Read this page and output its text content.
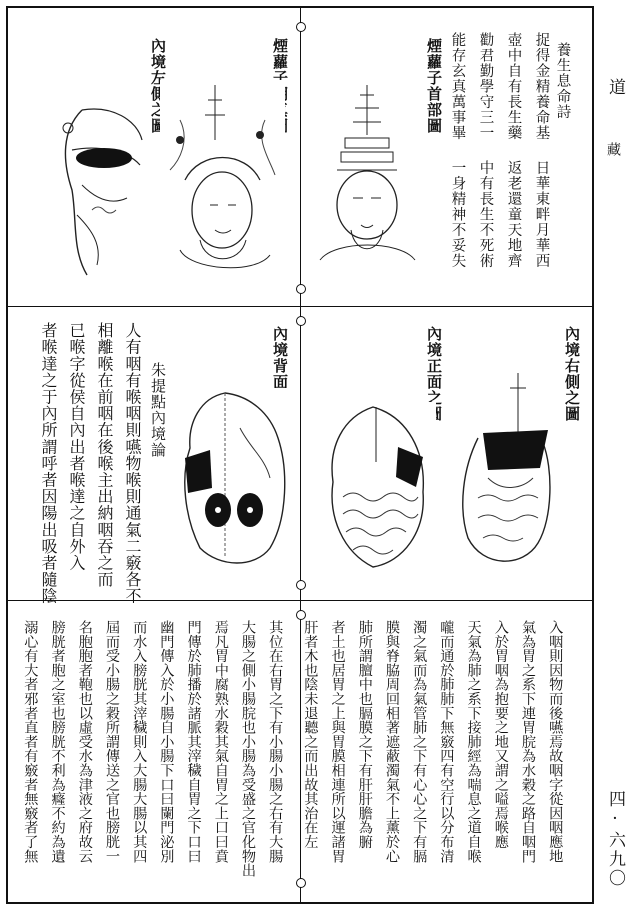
道
藏
四·六九〇
內境左側之圖	煙蘿子朝真圖	煙蘿子首部圖	養生息命詩
捉得金精養命基
壺中自有長生藥
勸君勤學守三一
能存玄真萬事畢
日華東畔月華西
返老還童天地齊
中有長生不死術
一身精神不妥失
人有咽有喉咽則嚥物喉則通氣二竅各不
相離喉在前咽在後喉主出納咽吞之而
已喉字從侯自內出者喉達之自外入
者喉達之于內所謂呼者因陽出吸者隨陰	朱提點內境論	內境背面之圖	內境正面之圖	內境右側之圖
入咽則因物而後嚥焉故咽字從因咽應地
氣為胃之系下連胃脘為水穀之路自咽門
入於胃咽為抱要之地又謂之嗌焉喉應
天氣為肺之系下接肺經為喘息之道自喉
嚨而通於肺肺下無竅四有空行以分布清
濁之氣而為氣管肺之下有心心之下有膈
膜與脊脇周回相著遮蔽濁氣不上薰於心
肺所謂膻中也膈膜之下有肝肝膽為腑
者土也居胃之上與胃膜相連所以運諸胃
肝者木也陰未退聽之而出故其治在左
其位在右胃之下有小腸小腸之右有大腸
大腸之側小腸脘也小腸為受盛之官化物出
焉凡胃中腐熟水穀其氣自胃之上口曰賁
門傳於肺播於諸脈其滓穢自胃之下口曰
幽門傳入於小腸自小腸下口曰闌門泌別
而水入膀胱其滓穢則入大腸大腸以其四
屆而受小腸之穀所謂傳送之官也膀胱一
名胞胞者鞄也以虛受水為津液之府故云
膀胱者胞之室也膀胱不利為癃不約為遺
溺心有大者邪者直者有竅者無竅者了無
